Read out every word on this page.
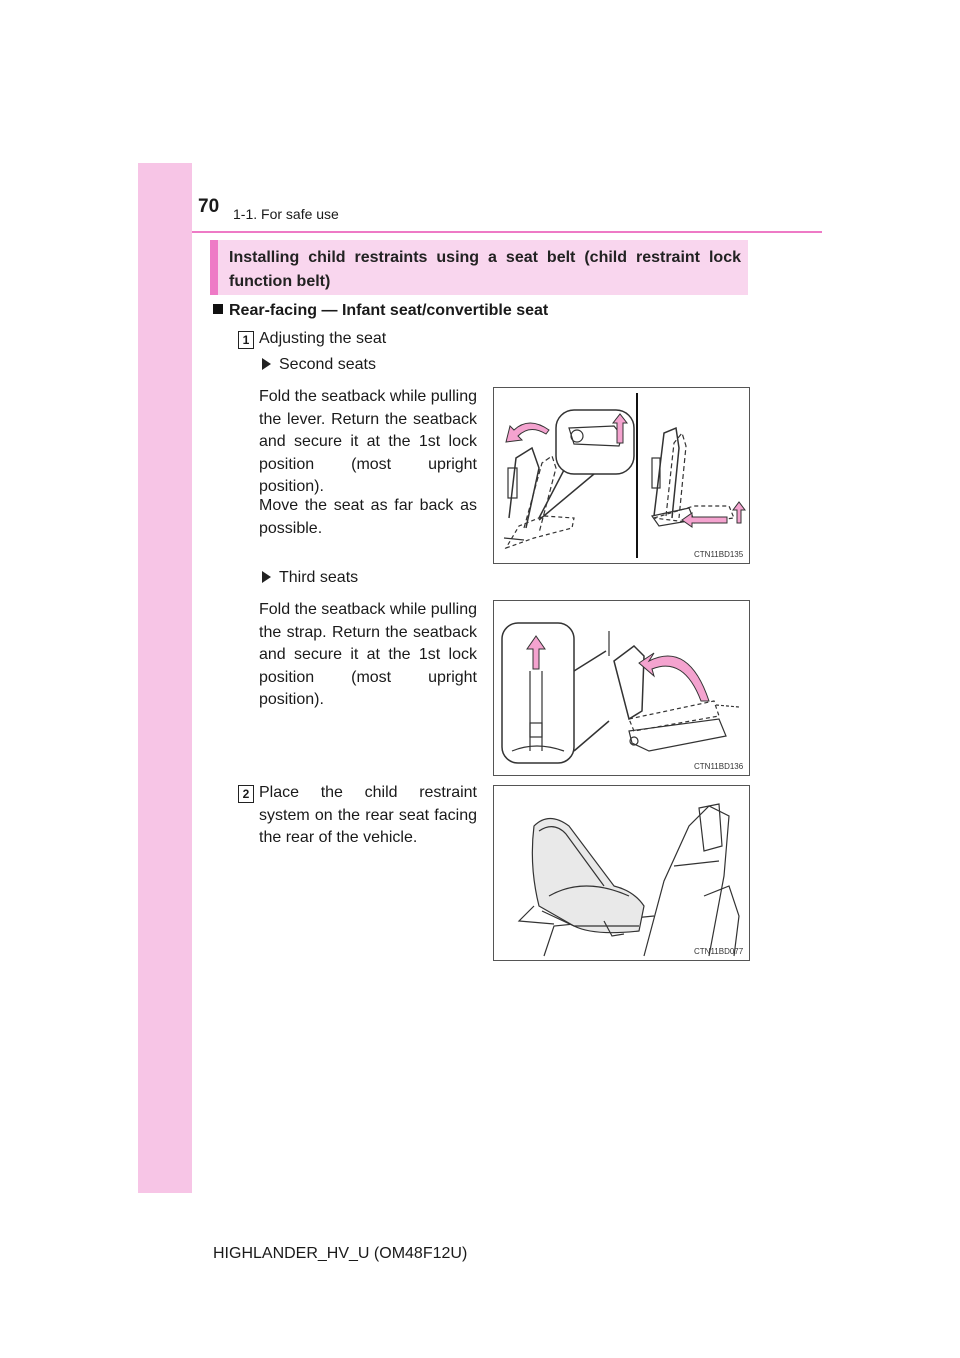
70 1-1. For safe use
Installing child restraints using a seat belt (child restraint lock function belt)
Rear-facing — Infant seat/convertible seat
1 Adjusting the seat
Second seats
Fold the seatback while pulling the lever. Return the seatback and secure it at the 1st lock position (most upright position).
Move the seat as far back as possible.
CTN11BD135
Third seats
Fold the seatback while pulling the strap. Return the seatback and secure it at the 1st lock position (most upright position).
CTN11BD136
2 Place the child restraint system on the rear seat facing the rear of the vehicle.
CTN11BD077
HIGHLANDER_HV_U (OM48F12U)
